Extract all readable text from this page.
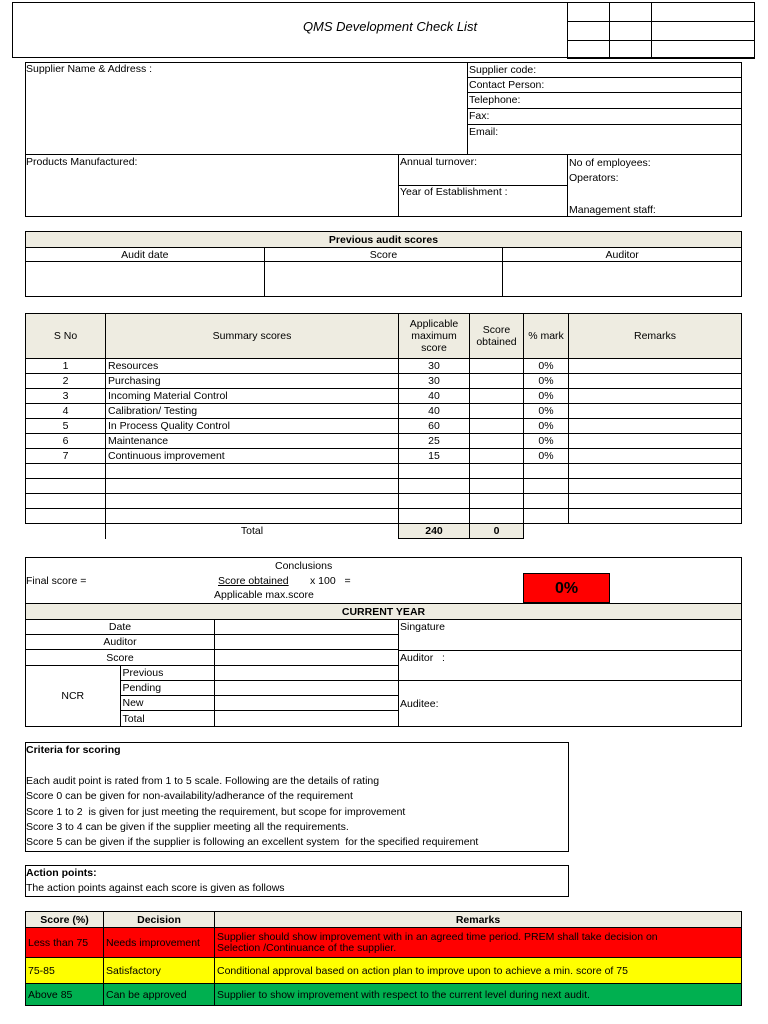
QMS Development Check List

Supplier Name & Address :	Supplier code:
Contact Person:
Telephone:
Fax:
Email:
Products Manufactured:	Annual turnover:
Year of Establishment :
No of employees:
Operators:
Management staff:
Previous audit scores		
Audit date	Score	Auditor

S No	Summary scores	Applicable maximum score	Score obtained	% mark	Remarks
1	Resources	30		0%	
2	Purchasing	30		0%	
3	Incoming Material Control	40		0%	
4	Calibration/ Testing	40		0%	
5	In Process Quality Control	60		0%	
6	Maintenance	25		0%	
7	Continuous improvement	15		0%	

	Total	240	0		
Conclusions
Final score =	Score obtained x 100   =
Applicable max.score	0%
CURRENT YEAR
Date		
Auditor		
Score		
NCR	Previous	
	Pending	
	New	
	Total	
Singature
Auditor   :
Auditee:
Criteria for scoring
Each audit point is rated from 1 to 5 scale. Following are the details of rating
Score 0 can be given for non-availability/adherance of the requirement
Score 1 to 2  is given for just meeting the requirement, but scope for improvement
Score 3 to 4 can be given if the supplier meeting all the requirements.
Score 5 can be given if the supplier is following an excellent system  for the specified requirement
Action points:
The action points against each score is given as follows
Score (%)	Decision	Remarks
Less than 75	Needs improvement	Supplier should show improvement with in an agreed time period. PREM shall take decision on
Selection /Continuance of the supplier.

75-85	Satisfactory	Conditional approval based on action plan to improve upon to achieve a min. score of 75
Above 85	Can be approved	Supplier to show improvement with respect to the current level during next audit.
